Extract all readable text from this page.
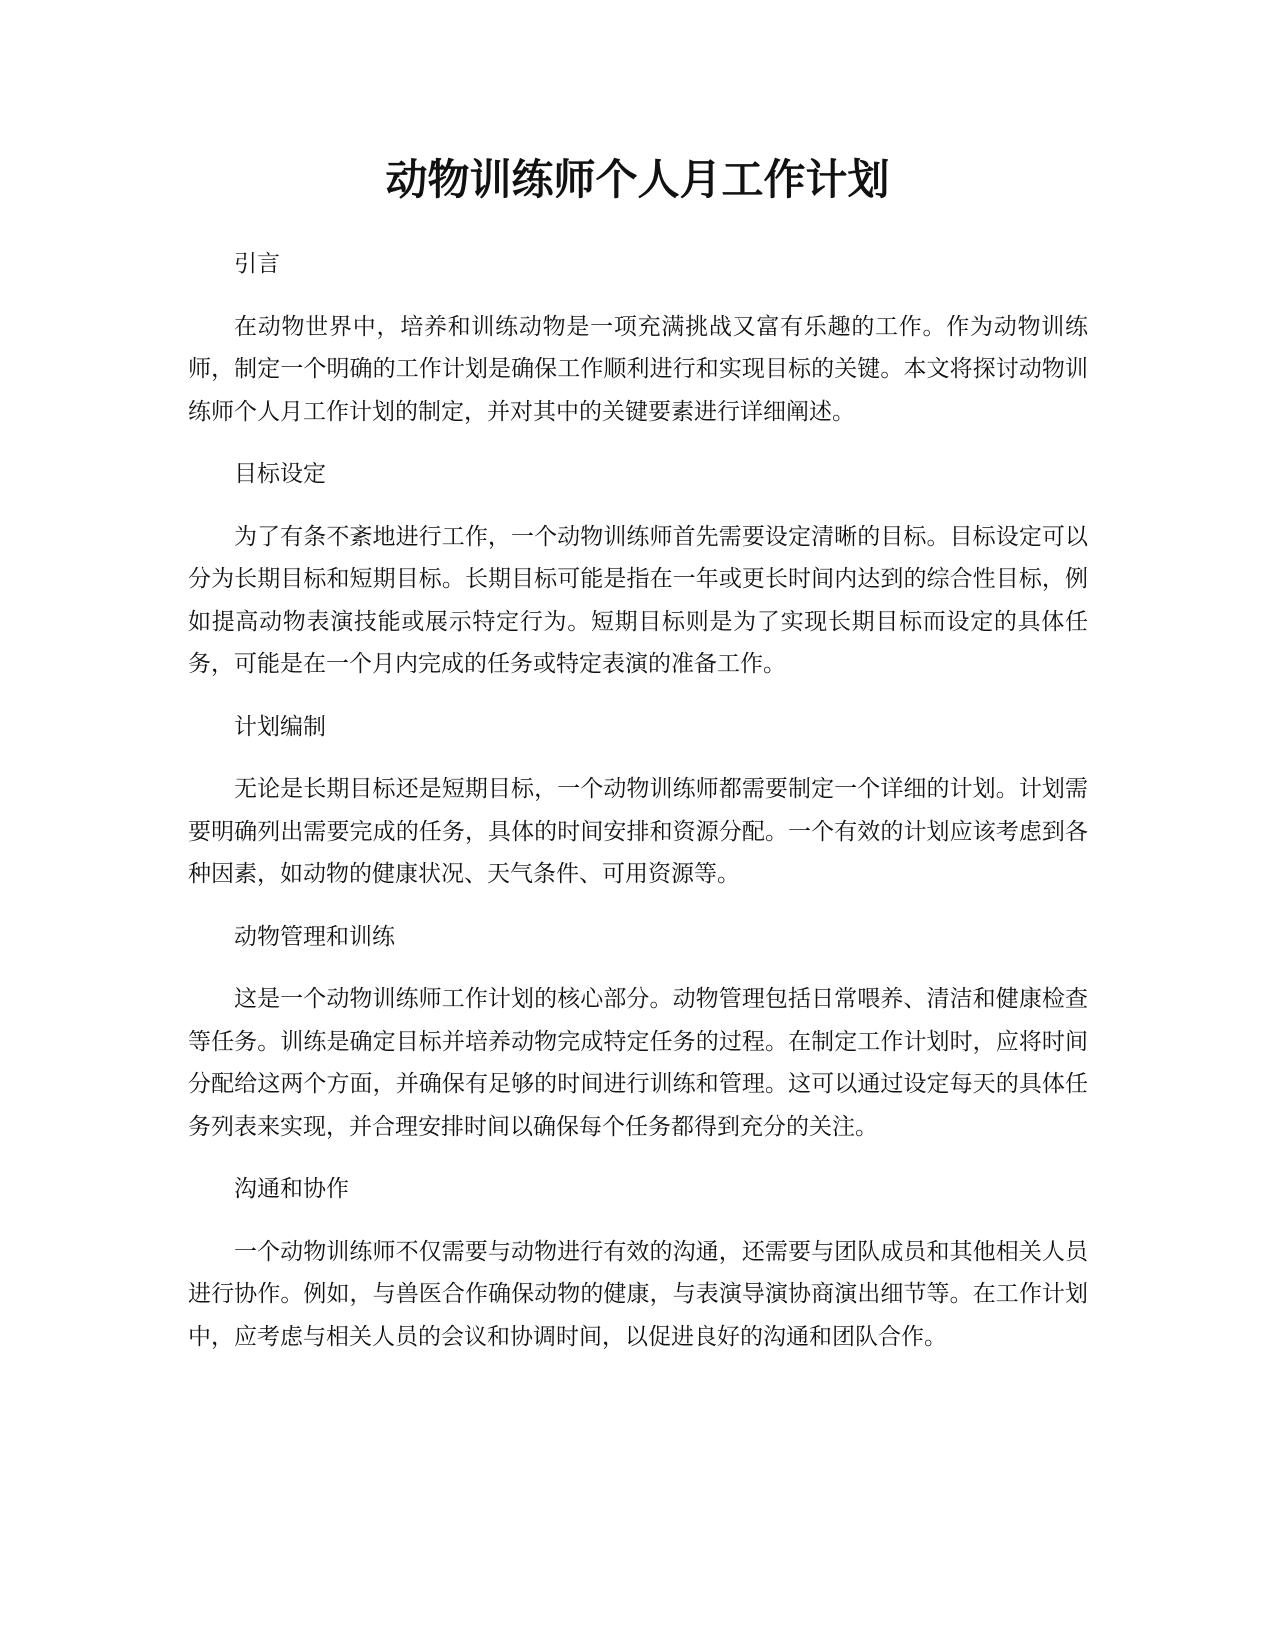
动物训练师个人月工作计划

引言

在动物世界中，培养和训练动物是一项充满挑战又富有乐趣的工作。作为动物训练师，制定一个明确的工作计划是确保工作顺利进行和实现目标的关键。本文将探讨动物训练师个人月工作计划的制定，并对其中的关键要素进行详细阐述。

目标设定

为了有条不紊地进行工作，一个动物训练师首先需要设定清晰的目标。目标设定可以分为长期目标和短期目标。长期目标可能是指在一年或更长时间内达到的综合性目标，例如提高动物表演技能或展示特定行为。短期目标则是为了实现长期目标而设定的具体任务，可能是在一个月内完成的任务或特定表演的准备工作。

计划编制

无论是长期目标还是短期目标，一个动物训练师都需要制定一个详细的计划。计划需要明确列出需要完成的任务，具体的时间安排和资源分配。一个有效的计划应该考虑到各种因素，如动物的健康状况、天气条件、可用资源等。

动物管理和训练

这是一个动物训练师工作计划的核心部分。动物管理包括日常喂养、清洁和健康检查等任务。训练是确定目标并培养动物完成特定任务的过程。在制定工作计划时，应将时间分配给这两个方面，并确保有足够的时间进行训练和管理。这可以通过设定每天的具体任务列表来实现，并合理安排时间以确保每个任务都得到充分的关注。

沟通和协作

一个动物训练师不仅需要与动物进行有效的沟通，还需要与团队成员和其他相关人员进行协作。例如，与兽医合作确保动物的健康，与表演导演协商演出细节等。在工作计划中，应考虑与相关人员的会议和协调时间，以促进良好的沟通和团队合作。
